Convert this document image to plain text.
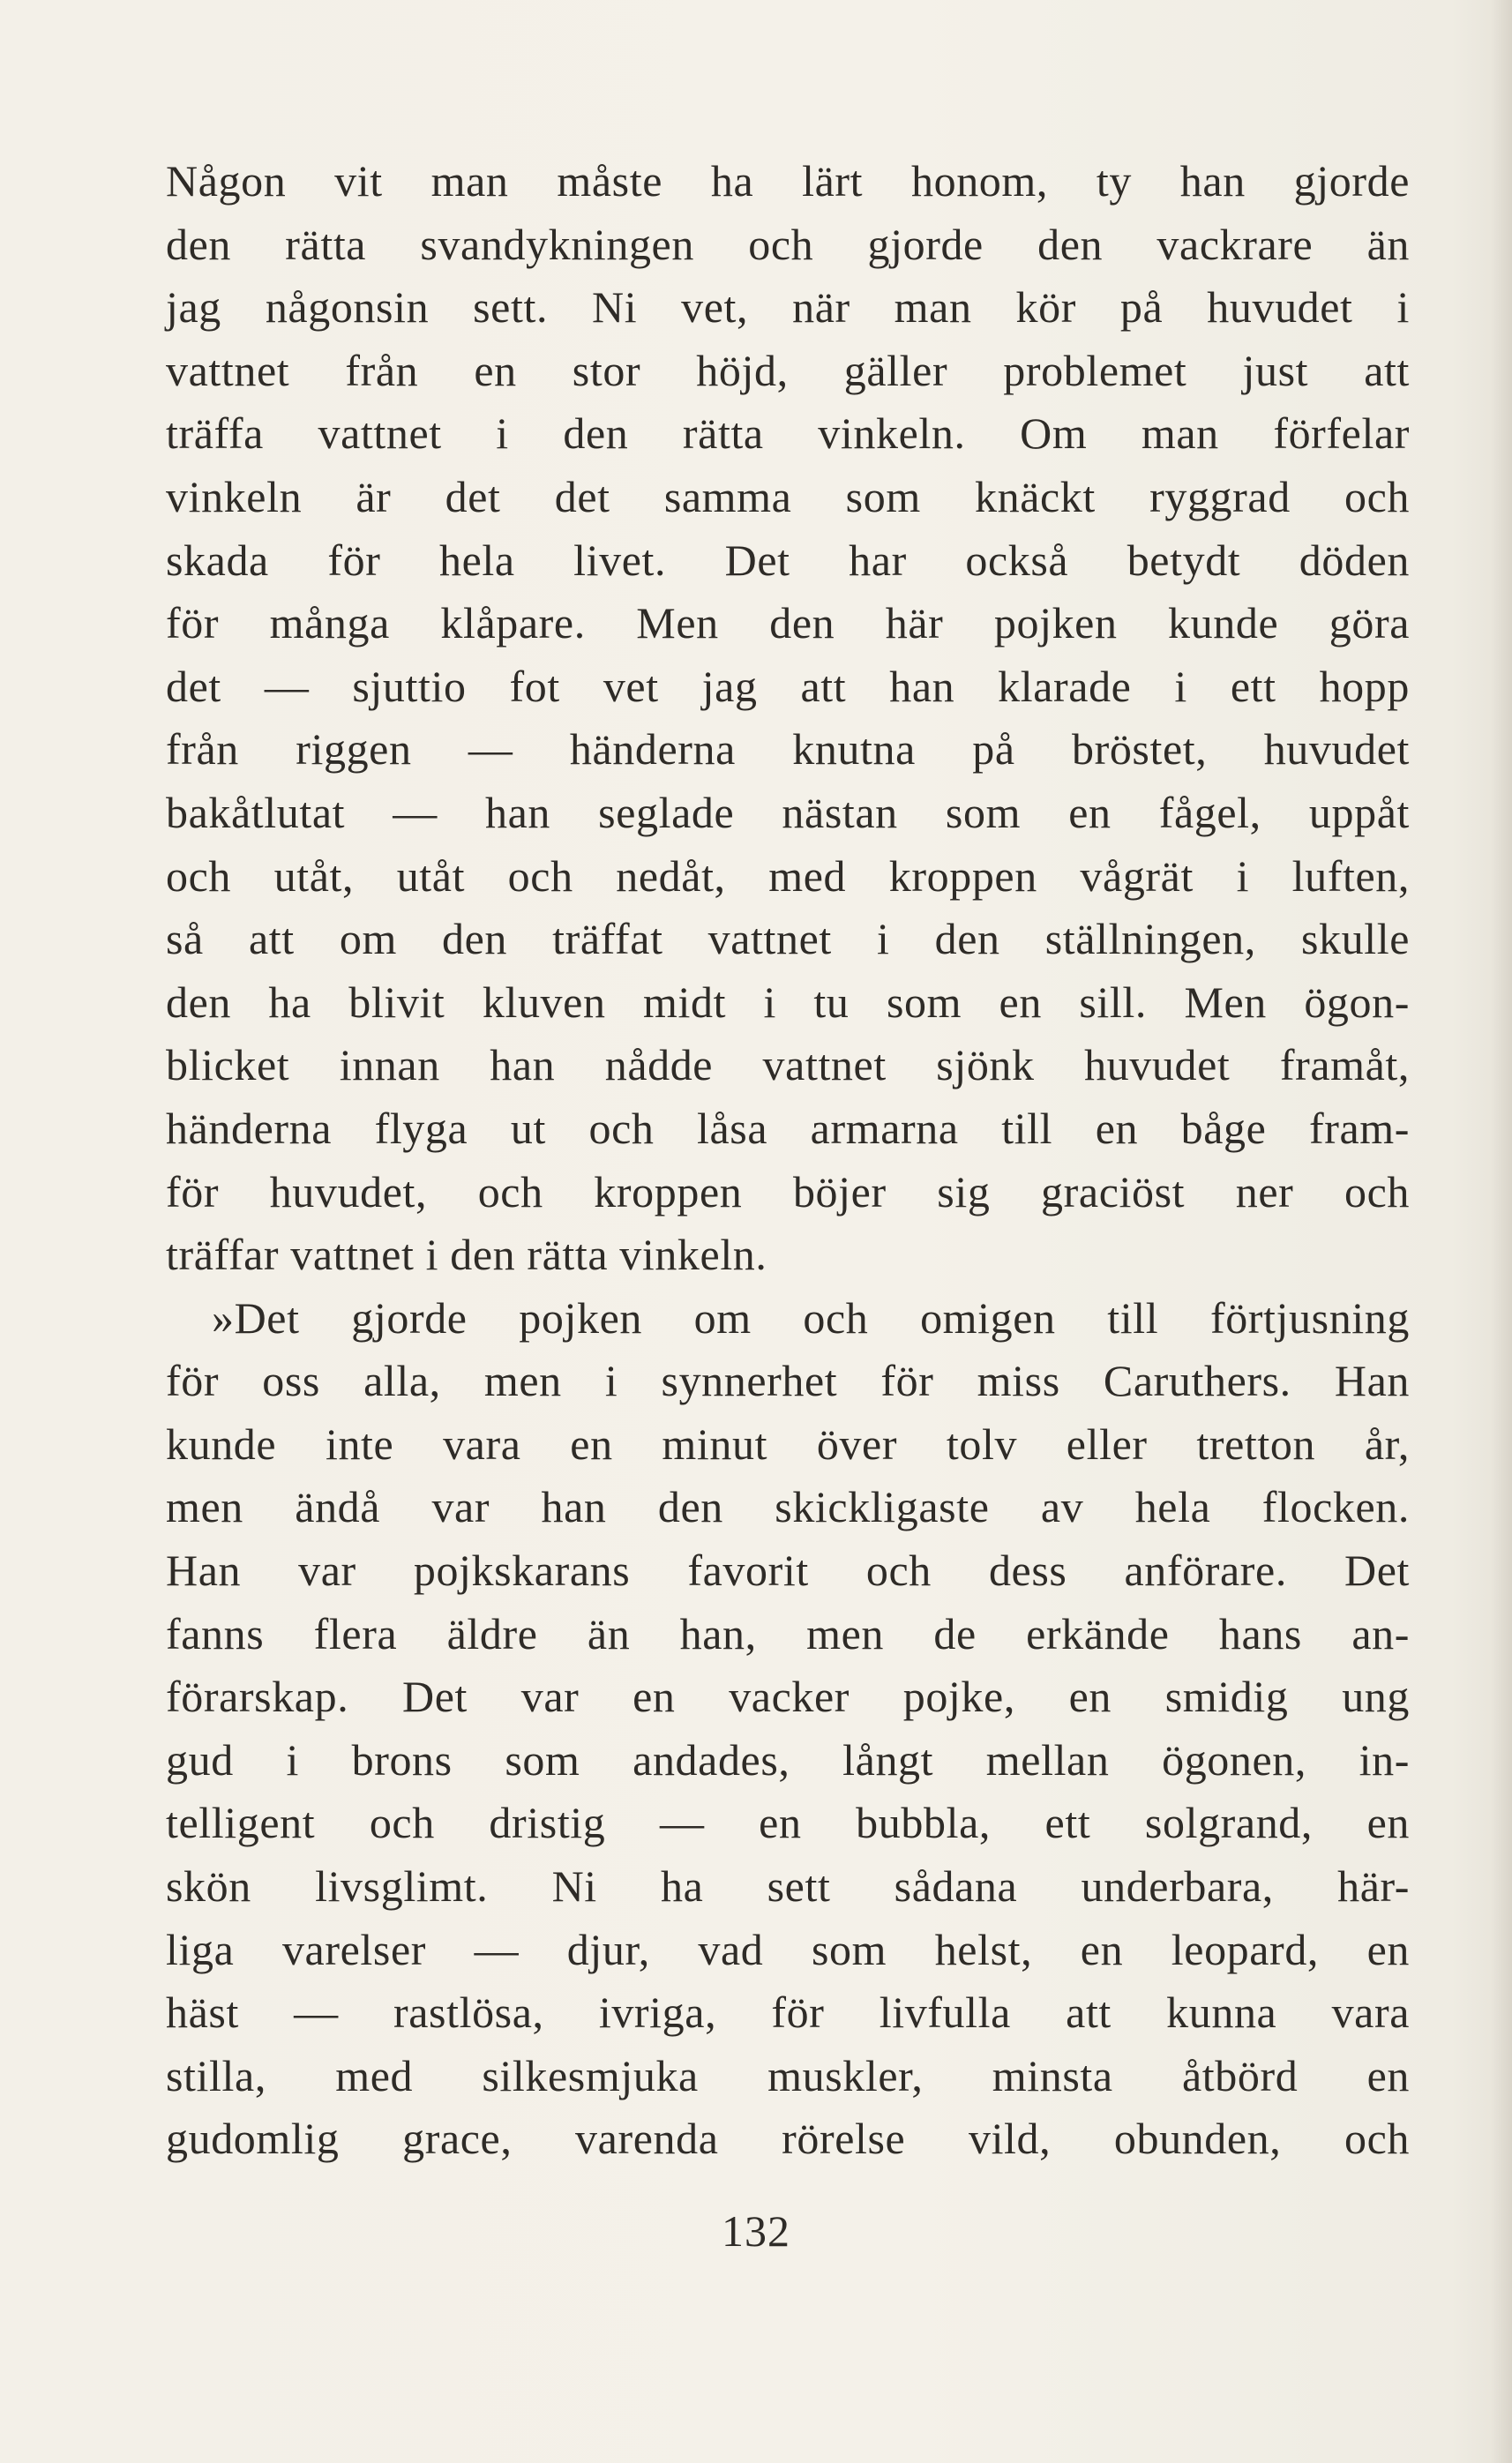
Någon vit man måste ha lärt honom, ty han gjorde
den rätta svandykningen och gjorde den vackrare än
jag någonsin sett. Ni vet, när man kör på huvudet i
vattnet från en stor höjd, gäller problemet just att
träffa vattnet i den rätta vinkeln. Om man förfelar
vinkeln är det det samma som knäckt ryggrad och
skada för hela livet. Det har också betydt döden
för många klåpare. Men den här pojken kunde göra
det — sjuttio fot vet jag att han klarade i ett hopp
från riggen — händerna knutna på bröstet, huvudet
bakåtlutat — han seglade nästan som en fågel, uppåt
och utåt, utåt och nedåt, med kroppen vågrät i luften,
så att om den träffat vattnet i den ställningen, skulle
den ha blivit kluven midt i tu som en sill. Men ögon-
blicket innan han nådde vattnet sjönk huvudet framåt,
händerna flyga ut och låsa armarna till en båge fram-
för huvudet, och kroppen böjer sig graciöst ner och
träffar vattnet i den rätta vinkeln.
»Det gjorde pojken om och omigen till förtjusning
för oss alla, men i synnerhet för miss Caruthers. Han
kunde inte vara en minut över tolv eller tretton år,
men ändå var han den skickligaste av hela flocken.
Han var pojkskarans favorit och dess anförare. Det
fanns flera äldre än han, men de erkände hans an-
förarskap. Det var en vacker pojke, en smidig ung
gud i brons som andades, långt mellan ögonen, in-
telligent och dristig — en bubbla, ett solgrand, en
skön livsglimt. Ni ha sett sådana underbara, här-
liga varelser — djur, vad som helst, en leopard, en
häst — rastlösa, ivriga, för livfulla att kunna vara
stilla, med silkesmjuka muskler, minsta åtbörd en
gudomlig grace, varenda rörelse vild, obunden, och
132
